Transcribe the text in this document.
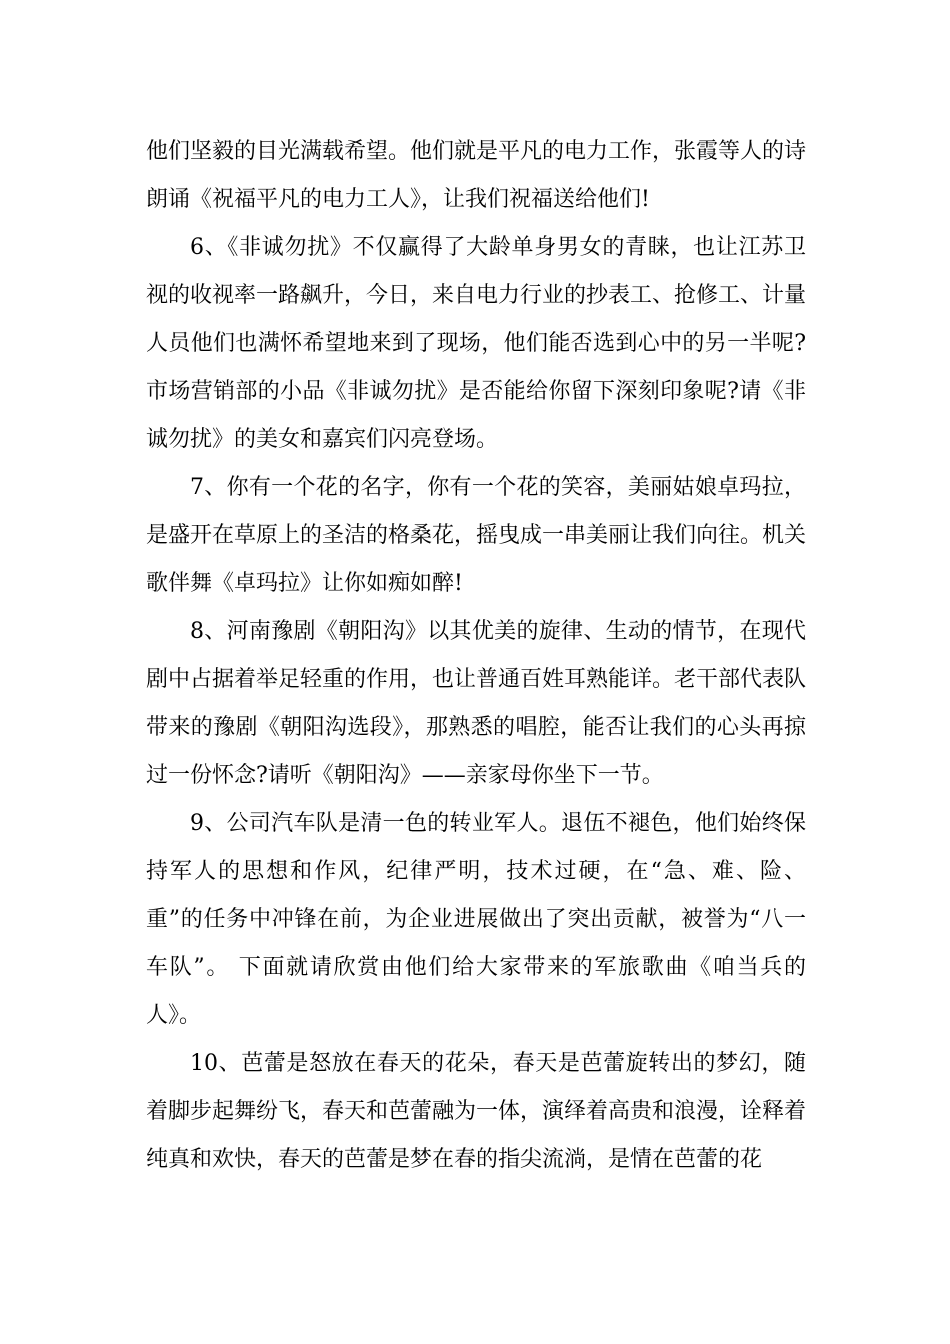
他们坚毅的目光满载希望。他们就是平凡的电力工作，张霞等人的诗朗诵《祝福平凡的电力工人》，让我们祝福送给他们!

6、《非诚勿扰》不仅赢得了大龄单身男女的青睐，也让江苏卫视的收视率一路飙升，今日，来自电力行业的抄表工、抢修工、计量人员他们也满怀希望地来到了现场，他们能否选到心中的另一半呢?市场营销部的小品《非诚勿扰》是否能给你留下深刻印象呢?请《非诚勿扰》的美女和嘉宾们闪亮登场。

7、你有一个花的名字，你有一个花的笑容，美丽姑娘卓玛拉，是盛开在草原上的圣洁的格桑花，摇曳成一串美丽让我们向往。机关歌伴舞《卓玛拉》让你如痴如醉!

8、河南豫剧《朝阳沟》以其优美的旋律、生动的情节，在现代剧中占据着举足轻重的作用，也让普通百姓耳熟能详。老干部代表队带来的豫剧《朝阳沟选段》，那熟悉的唱腔，能否让我们的心头再掠过一份怀念?请听《朝阳沟》——亲家母你坐下一节。

9、公司汽车队是清一色的转业军人。退伍不褪色，他们始终保持军人的思想和作风，纪律严明，技术过硬，在“急、难、险、重”的任务中冲锋在前，为企业进展做出了突出贡献，被誉为“八一车队”。 下面就请欣赏由他们给大家带来的军旅歌曲《咱当兵的人》。

10、芭蕾是怒放在春天的花朵，春天是芭蕾旋转出的梦幻，随着脚步起舞纷飞，春天和芭蕾融为一体，演绎着高贵和浪漫，诠释着纯真和欢快，春天的芭蕾是梦在春的指尖流淌，是情在芭蕾的花
